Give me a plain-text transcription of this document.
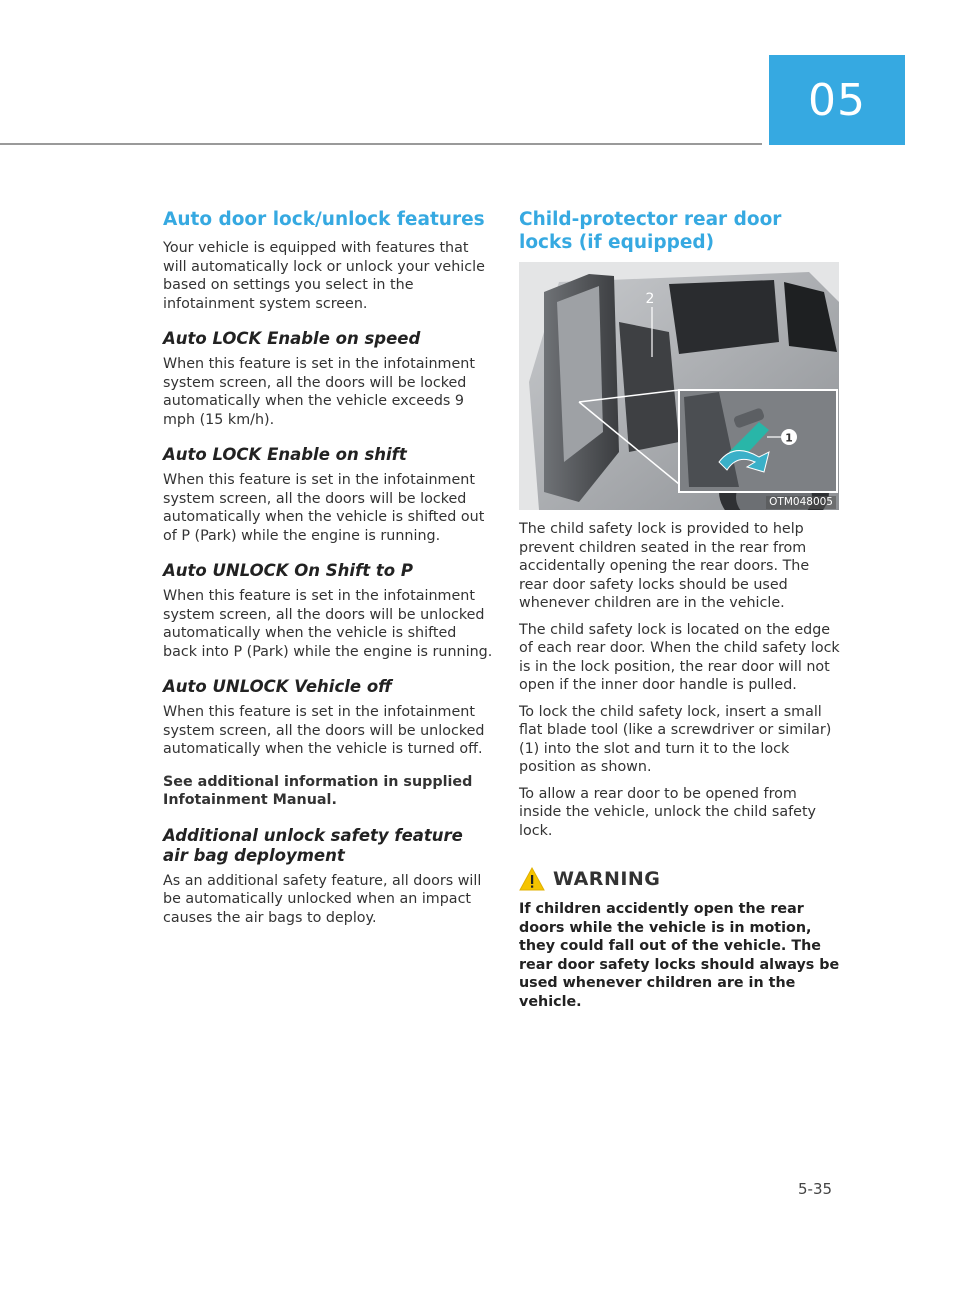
05
Auto door lock/unlock features

Your vehicle is equipped with features that will automatically lock or unlock your vehicle based on settings you select in the infotainment system screen.

Auto LOCK Enable on speed

When this feature is set in the infotainment system screen, all the doors will be locked automatically when the vehicle exceeds 9 mph (15 km/h).

Auto LOCK Enable on shift

When this feature is set in the infotainment system screen, all the doors will be locked automatically when the vehicle is shifted out of P (Park) while the engine is running.

Auto UNLOCK On Shift to P

When this feature is set in the infotainment system screen, all the doors will be unlocked automatically when the vehicle is shifted back into P (Park) while the engine is running.

Auto UNLOCK Vehicle off

When this feature is set in the infotainment system screen, all the doors will be unlocked automatically when the vehicle is turned off.

See additional information in supplied Infotainment Manual.

Additional unlock safety feature air bag deployment

As an additional safety feature, all doors will be automatically unlocked when an impact causes the air bags to deploy.

Child-protector rear door locks (if equipped)
1
2
OTM048005

The child safety lock is provided to help prevent children seated in the rear from accidentally opening the rear doors. The rear door safety locks should be used whenever children are in the vehicle.

The child safety lock is located on the edge of each rear door. When the child safety lock is in the lock position, the rear door will not open if the inner door handle is pulled.

To lock the child safety lock, insert a small flat blade tool (like a screwdriver or similar) (1) into the slot and turn it to the lock position as shown.

To allow a rear door to be opened from inside the vehicle, unlock the child safety lock.

WARNING

If children accidently open the rear doors while the vehicle is in motion, they could fall out of the vehicle. The rear door safety locks should always be used whenever children are in the vehicle.

5-35
